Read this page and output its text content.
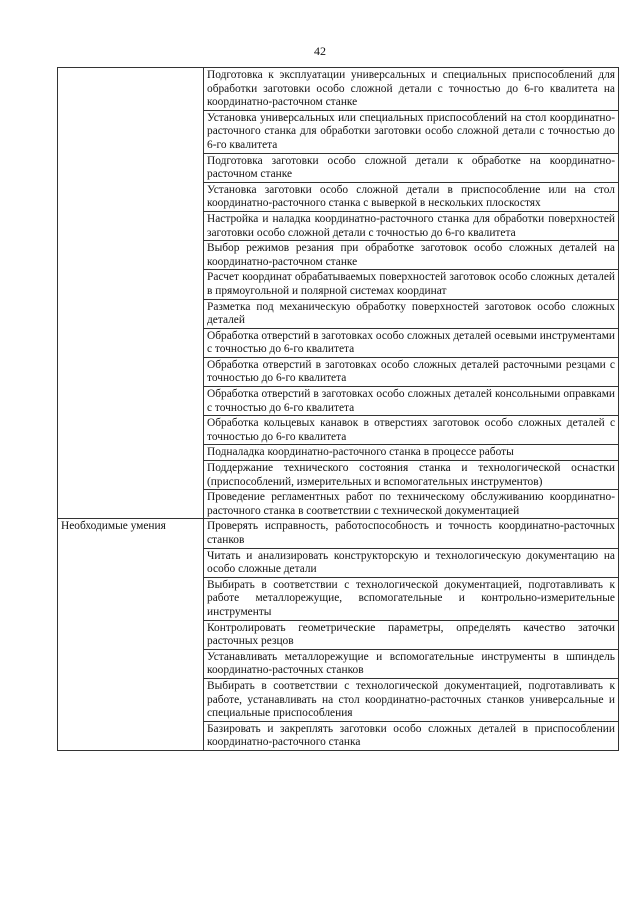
42
	Подготовка к эксплуатации универсальных и специальных приспособлений для обработки заготовки особо сложной детали с точностью до 6-го квалитета на координатно-расточном станке
	Установка универсальных или специальных приспособлений на стол координатно-расточного станка для обработки заготовки особо сложной детали с точностью до 6-го квалитета
	Подготовка заготовки особо сложной детали к обработке на координатно-расточном станке
	Установка заготовки особо сложной детали в приспособление или на стол координатно-расточного станка с выверкой в нескольких плоскостях
	Настройка и наладка координатно-расточного станка для обработки поверхностей заготовки особо сложной детали с точностью до 6-го квалитета
	Выбор режимов резания при обработке заготовок особо сложных деталей на координатно-расточном станке
	Расчет координат обрабатываемых поверхностей заготовок особо сложных деталей в прямоугольной и полярной системах координат
	Разметка под механическую обработку поверхностей заготовок особо сложных деталей
	Обработка отверстий в заготовках особо сложных деталей осевыми инструментами с точностью до 6-го квалитета
	Обработка отверстий в заготовках особо сложных деталей расточными резцами с точностью до 6-го квалитета
	Обработка отверстий в заготовках особо сложных деталей консольными оправками с точностью до 6-го квалитета
	Обработка кольцевых канавок в отверстиях заготовок особо сложных деталей с точностью до 6-го квалитета
	Подналадка координатно-расточного станка в процессе работы
	Поддержание технического состояния станка и технологической оснастки (приспособлений, измерительных и вспомогательных инструментов)
	Проведение регламентных работ по техническому обслуживанию координатно-расточного станка в соответствии с технической документацией
Необходимые умения	Проверять исправность, работоспособность и точность координатно-расточных станков
	Читать и анализировать конструкторскую и технологическую документацию на особо сложные детали
	Выбирать в соответствии с технологической документацией, подготавливать к работе металлорежущие, вспомогательные и контрольно-измерительные инструменты
	Контролировать геометрические параметры, определять качество заточки расточных резцов
	Устанавливать металлорежущие и вспомогательные инструменты в шпиндель координатно-расточных станков
	Выбирать в соответствии с технологической документацией, подготавливать к работе, устанавливать на стол координатно-расточных станков универсальные и специальные приспособления
	Базировать и закреплять заготовки особо сложных деталей в приспособлении координатно-расточного станка
